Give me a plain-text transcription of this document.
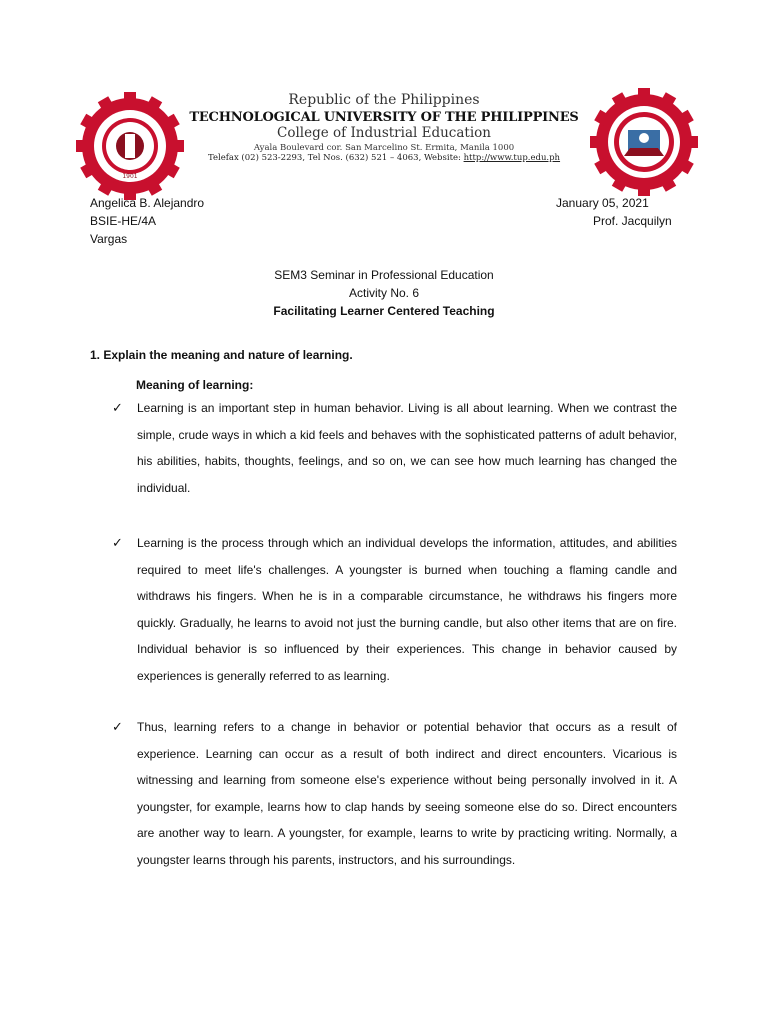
1901
Republic of the Philippines
TECHNOLOGICAL UNIVERSITY OF THE PHILIPPINES
College of Industrial Education
Ayala Boulevard cor. San Marcelino St. Ermita, Manila 1000
Telefax (02) 523-2293, Tel Nos. (632) 521 – 4063, Website: http://www.tup.edu.ph
Angelica B. Alejandro
BSIE-HE/4A
Vargas
January 05, 2021
Prof. Jacquilyn
SEM3 Seminar in Professional Education
Activity No. 6
Facilitating Learner Centered Teaching
1. Explain the meaning and nature of learning.
Meaning of learning:
✓ Learning is an important step in human behavior. Living is all about learning. When we contrast the simple, crude ways in which a kid feels and behaves with the sophisticated patterns of adult behavior, his abilities, habits, thoughts, feelings, and so on, we can see how much learning has changed the individual.

✓ Learning is the process through which an individual develops the information, attitudes, and abilities required to meet life's challenges. A youngster is burned when touching a flaming candle and withdraws his fingers. When he is in a comparable circumstance, he withdraws his fingers more quickly. Gradually, he learns to avoid not just the burning candle, but also other items that are on fire. Individual behavior is so influenced by their experiences. This change in behavior caused by experiences is generally referred to as learning.

✓ Thus, learning refers to a change in behavior or potential behavior that occurs as a result of experience. Learning can occur as a result of both indirect and direct encounters. Vicarious is witnessing and learning from someone else's experience without being personally involved in it. A youngster, for example, learns how to clap hands by seeing someone else do so. Direct encounters are another way to learn. A youngster, for example, learns to write by practicing writing. Normally, a youngster learns through his parents, instructors, and his surroundings.
